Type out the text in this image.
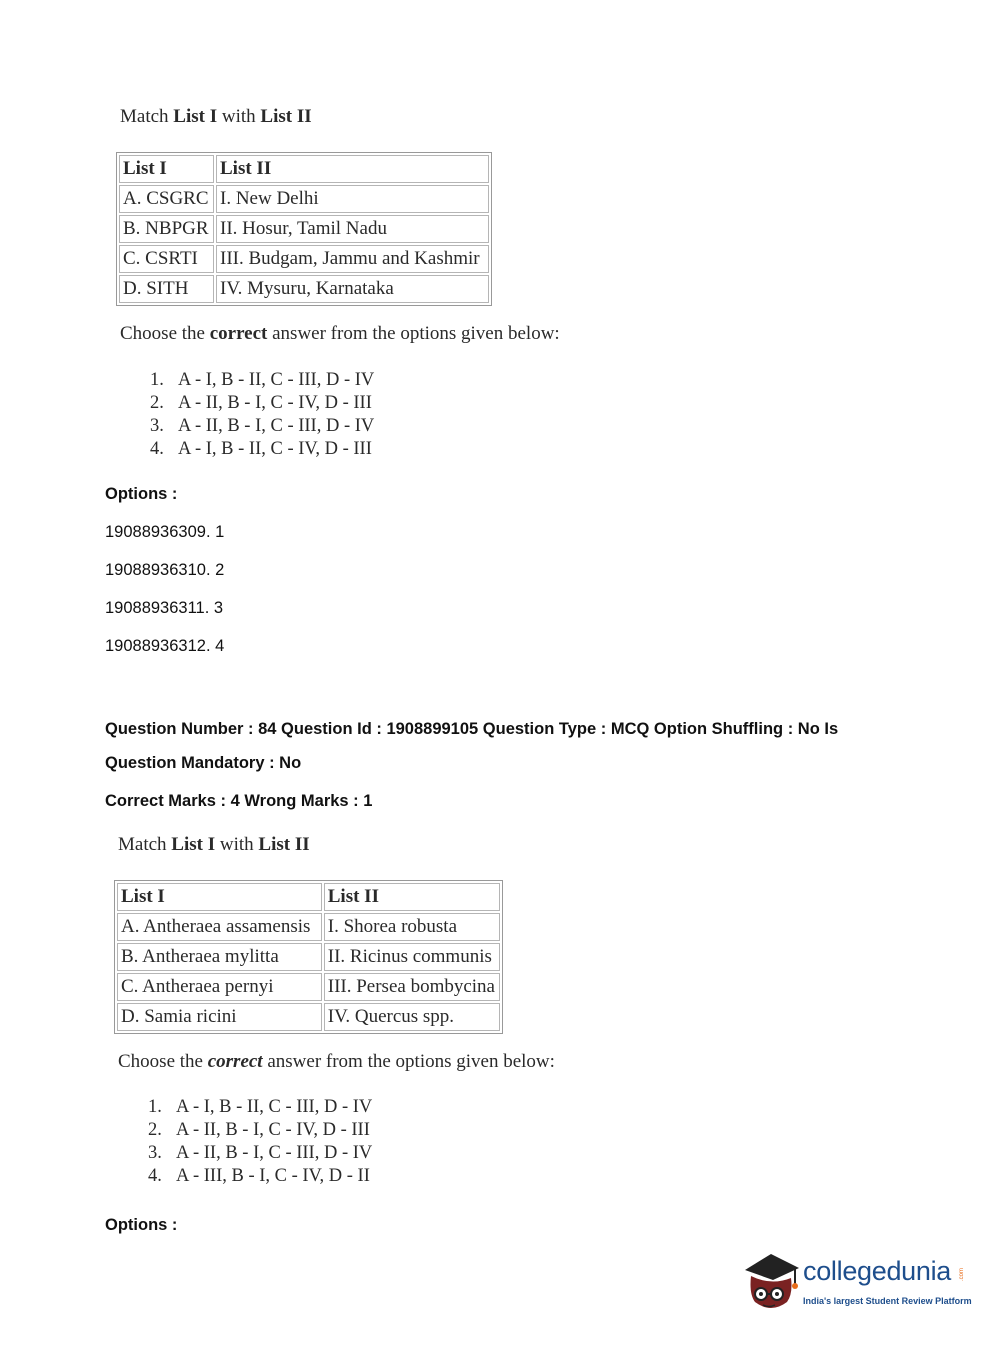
Match List I with List II
List I	List II
A. CSGRC	I. New Delhi
B. NBPGR	II. Hosur, Tamil Nadu
C. CSRTI	III. Budgam, Jammu and Kashmir
D. SITH	IV. Mysuru, Karnataka
Choose the correct answer from the options given below:
1. A - I, B - II, C - III, D - IV
2. A - II, B - I, C - IV, D - III
3. A - II, B - I, C - III, D - IV
4. A - I, B - II, C - IV, D - III
Options :
19088936309. 1
19088936310. 2
19088936311. 3
19088936312. 4
Question Number : 84 Question Id : 1908899105 Question Type : MCQ Option Shuffling : No Is
Question Mandatory : No
Correct Marks : 4 Wrong Marks : 1
Match List I with List II
List I	List II
A. Antheraea assamensis	I. Shorea robusta
B. Antheraea mylitta	II. Ricinus communis
C. Antheraea pernyi	III. Persea bombycina
D. Samia ricini	IV. Quercus spp.
Choose the correct answer from the options given below:
1. A - I, B - II, C - III, D - IV
2. A - II, B - I, C - IV, D - III
3. A - II, B - I, C - III, D - IV
4. A - III, B - I, C - IV, D - II
Options :
collegedunia .com
India's largest Student Review Platform
